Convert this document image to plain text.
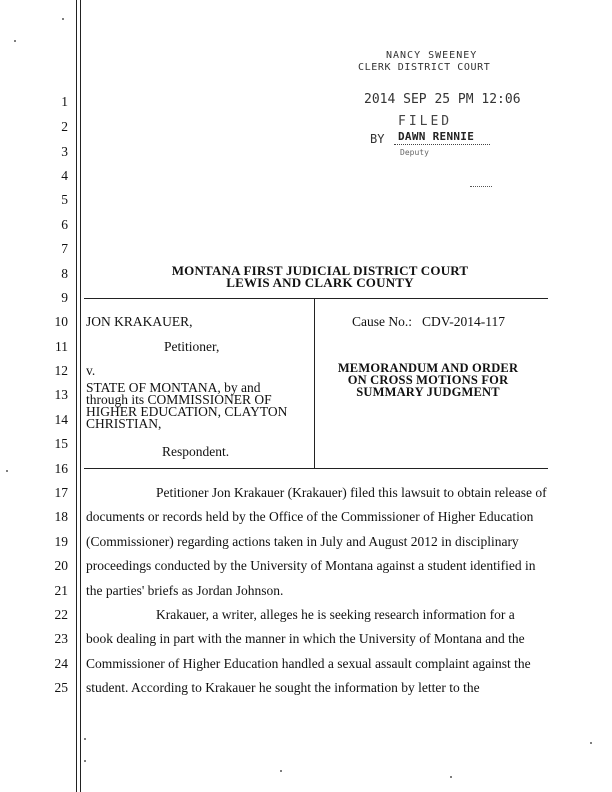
NANCY SWEENEY
CLERK DISTRICT COURT
2014 SEP 25 PM 12:06
FILED
BY DAWN RENNIE
Deputy
1
2
3
4
5
6
7
8
9
10
11
12
13
14
15
16
17
18
19
20
21
22
23
24
25
MONTANA FIRST JUDICIAL DISTRICT COURT
LEWIS AND CLARK COUNTY
JON KRAKAUER,
Petitioner,
v.
STATE OF MONTANA, by and
through its COMMISSIONER OF
HIGHER EDUCATION, CLAYTON
CHRISTIAN,
Respondent.
Cause No.: CDV-2014-117
MEMORANDUM AND ORDER
ON CROSS MOTIONS FOR
SUMMARY JUDGMENT
Petitioner Jon Krakauer (Krakauer) filed this lawsuit to obtain release of
documents or records held by the Office of the Commissioner of Higher Education
(Commissioner) regarding actions taken in July and August 2012 in disciplinary
proceedings conducted by the University of Montana against a student identified in
the parties' briefs as Jordan Johnson.
Krakauer, a writer, alleges he is seeking research information for a
book dealing in part with the manner in which the University of Montana and the
Commissioner of Higher Education handled a sexual assault complaint against the
student. According to Krakauer he sought the information by letter to the
